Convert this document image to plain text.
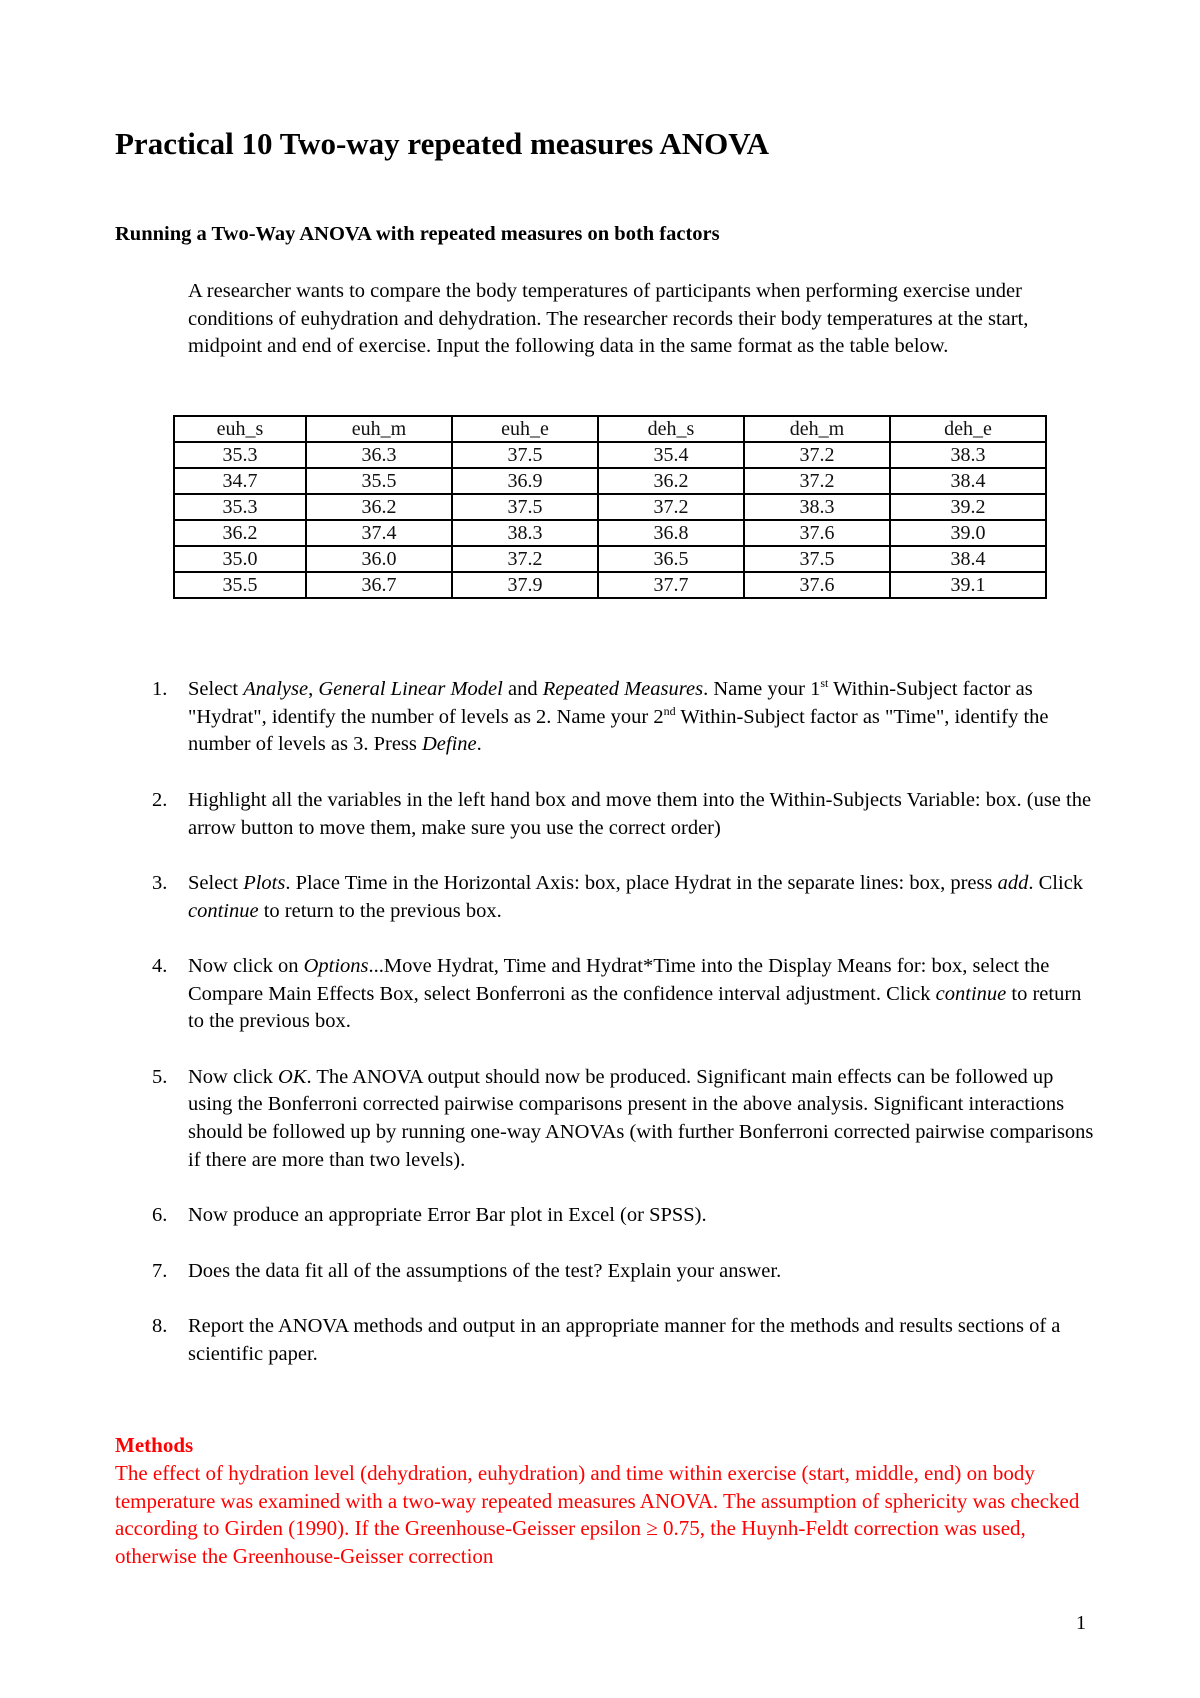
Practical 10 Two-way repeated measures ANOVA
Running a Two-Way ANOVA with repeated measures on both factors

A researcher wants to compare the body temperatures of participants when performing exercise under conditions of euhydration and dehydration. The researcher records their body temperatures at the start, midpoint and end of exercise. Input the following data in the same format as the table below.

euh_s	euh_m	euh_e	deh_s	deh_m	deh_e
35.3	36.3	37.5	35.4	37.2	38.3
34.7	35.5	36.9	36.2	37.2	38.4
35.3	36.2	37.5	37.2	38.3	39.2
36.2	37.4	38.3	36.8	37.6	39.0
35.0	36.0	37.2	36.5	37.5	38.4
35.5	36.7	37.9	37.7	37.6	39.1
1. Select Analyse, General Linear Model and Repeated Measures. Name your 1st Within-Subject factor as "Hydrat", identify the number of levels as 2. Name your 2nd Within-Subject factor as "Time", identify the number of levels as 3. Press Define.
2. Highlight all the variables in the left hand box and move them into the Within-Subjects Variable: box. (use the arrow button to move them, make sure you use the correct order)
3. Select Plots. Place Time in the Horizontal Axis: box, place Hydrat in the separate lines: box, press add. Click continue to return to the previous box.
4. Now click on Options...Move Hydrat, Time and Hydrat*Time into the Display Means for: box, select the Compare Main Effects Box, select Bonferroni as the confidence interval adjustment. Click continue to return to the previous box.
5. Now click OK. The ANOVA output should now be produced. Significant main effects can be followed up using the Bonferroni corrected pairwise comparisons present in the above analysis. Significant interactions should be followed up by running one-way ANOVAs (with further Bonferroni corrected pairwise comparisons if there are more than two levels).
6. Now produce an appropriate Error Bar plot in Excel (or SPSS).
7. Does the data fit all of the assumptions of the test? Explain your answer.
8. Report the ANOVA methods and output in an appropriate manner for the methods and results sections of a scientific paper.
Methods

The effect of hydration level (dehydration, euhydration) and time within exercise (start, middle, end) on body temperature was examined with a two-way repeated measures ANOVA. The assumption of sphericity was checked according to Girden (1990). If the Greenhouse-Geisser epsilon ≥ 0.75, the Huynh-Feldt correction was used, otherwise the Greenhouse-Geisser correction

1
